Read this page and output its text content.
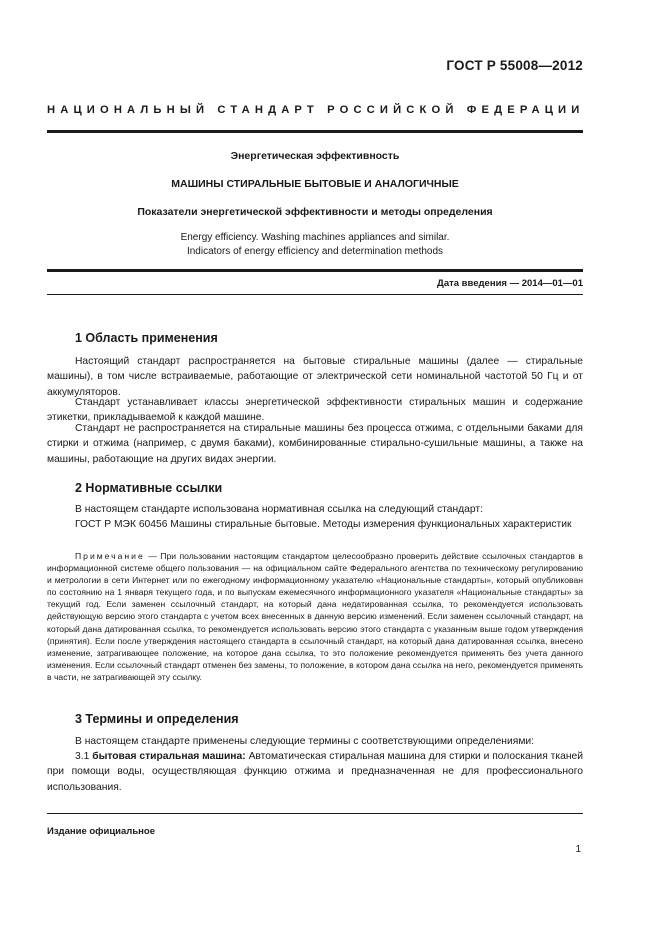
ГОСТ Р 55008—2012
НАЦИОНАЛЬНЫЙ СТАНДАРТ РОССИЙСКОЙ ФЕДЕРАЦИИ
Энергетическая эффективность
МАШИНЫ СТИРАЛЬНЫЕ БЫТОВЫЕ И АНАЛОГИЧНЫЕ
Показатели энергетической эффективности и методы определения
Energy efficiency. Washing machines appliances and similar.
Indicators of energy efficiency and determination methods
Дата введения — 2014—01—01
1 Область применения

Настоящий стандарт распространяется на бытовые стиральные машины (далее — стиральные машины), в том числе встраиваемые, работающие от электрической сети номинальной частотой 50 Гц и от аккумуляторов.

Стандарт устанавливает классы энергетической эффективности стиральных машин и содержание этикетки, прикладываемой к каждой машине.

Стандарт не распространяется на стиральные машины без процесса отжима, с отдельными баками для стирки и отжима (например, с двумя баками), комбинированные стирально-сушильные машины, а также на машины, работающие на других видах энергии.

2 Нормативные ссылки

В настоящем стандарте использована нормативная ссылка на следующий стандарт:

ГОСТ Р МЭК 60456 Машины стиральные бытовые. Методы измерения функциональных характеристик

Примечание — При пользовании настоящим стандартом целесообразно проверить действие ссылочных стандартов в информационной системе общего пользования — на официальном сайте Федерального агентства по техническому регулированию и метрологии в сети Интернет или по ежегодному информационному указателю «Национальные стандарты», который опубликован по состоянию на 1 января текущего года, и по выпускам ежемесячного информационного указателя «Национальные стандарты» за текущий год. Если заменен ссылочный стандарт, на который дана недатированная ссылка, то рекомендуется использовать действующую версию этого стандарта с учетом всех внесенных в данную версию изменений. Если заменен ссылочный стандарт, на который дана датированная ссылка, то рекомендуется использовать версию этого стандарта с указанным выше годом утверждения (принятия). Если после утверждения настоящего стандарта в ссылочный стандарт, на который дана датированная ссылка, внесено изменение, затрагивающее положение, на которое дана ссылка, то это положение рекомендуется применять без учета данного изменения. Если ссылочный стандарт отменен без замены, то положение, в котором дана ссылка на него, рекомендуется применять в части, не затрагивающей эту ссылку.
3 Термины и определения

В настоящем стандарте применены следующие термины с соответствующими определениями:

3.1 бытовая стиральная машина: Автоматическая стиральная машина для стирки и полоскания тканей при помощи воды, осуществляющая функцию отжима и предназначенная не для профессионального использования.

Издание официальное
1
